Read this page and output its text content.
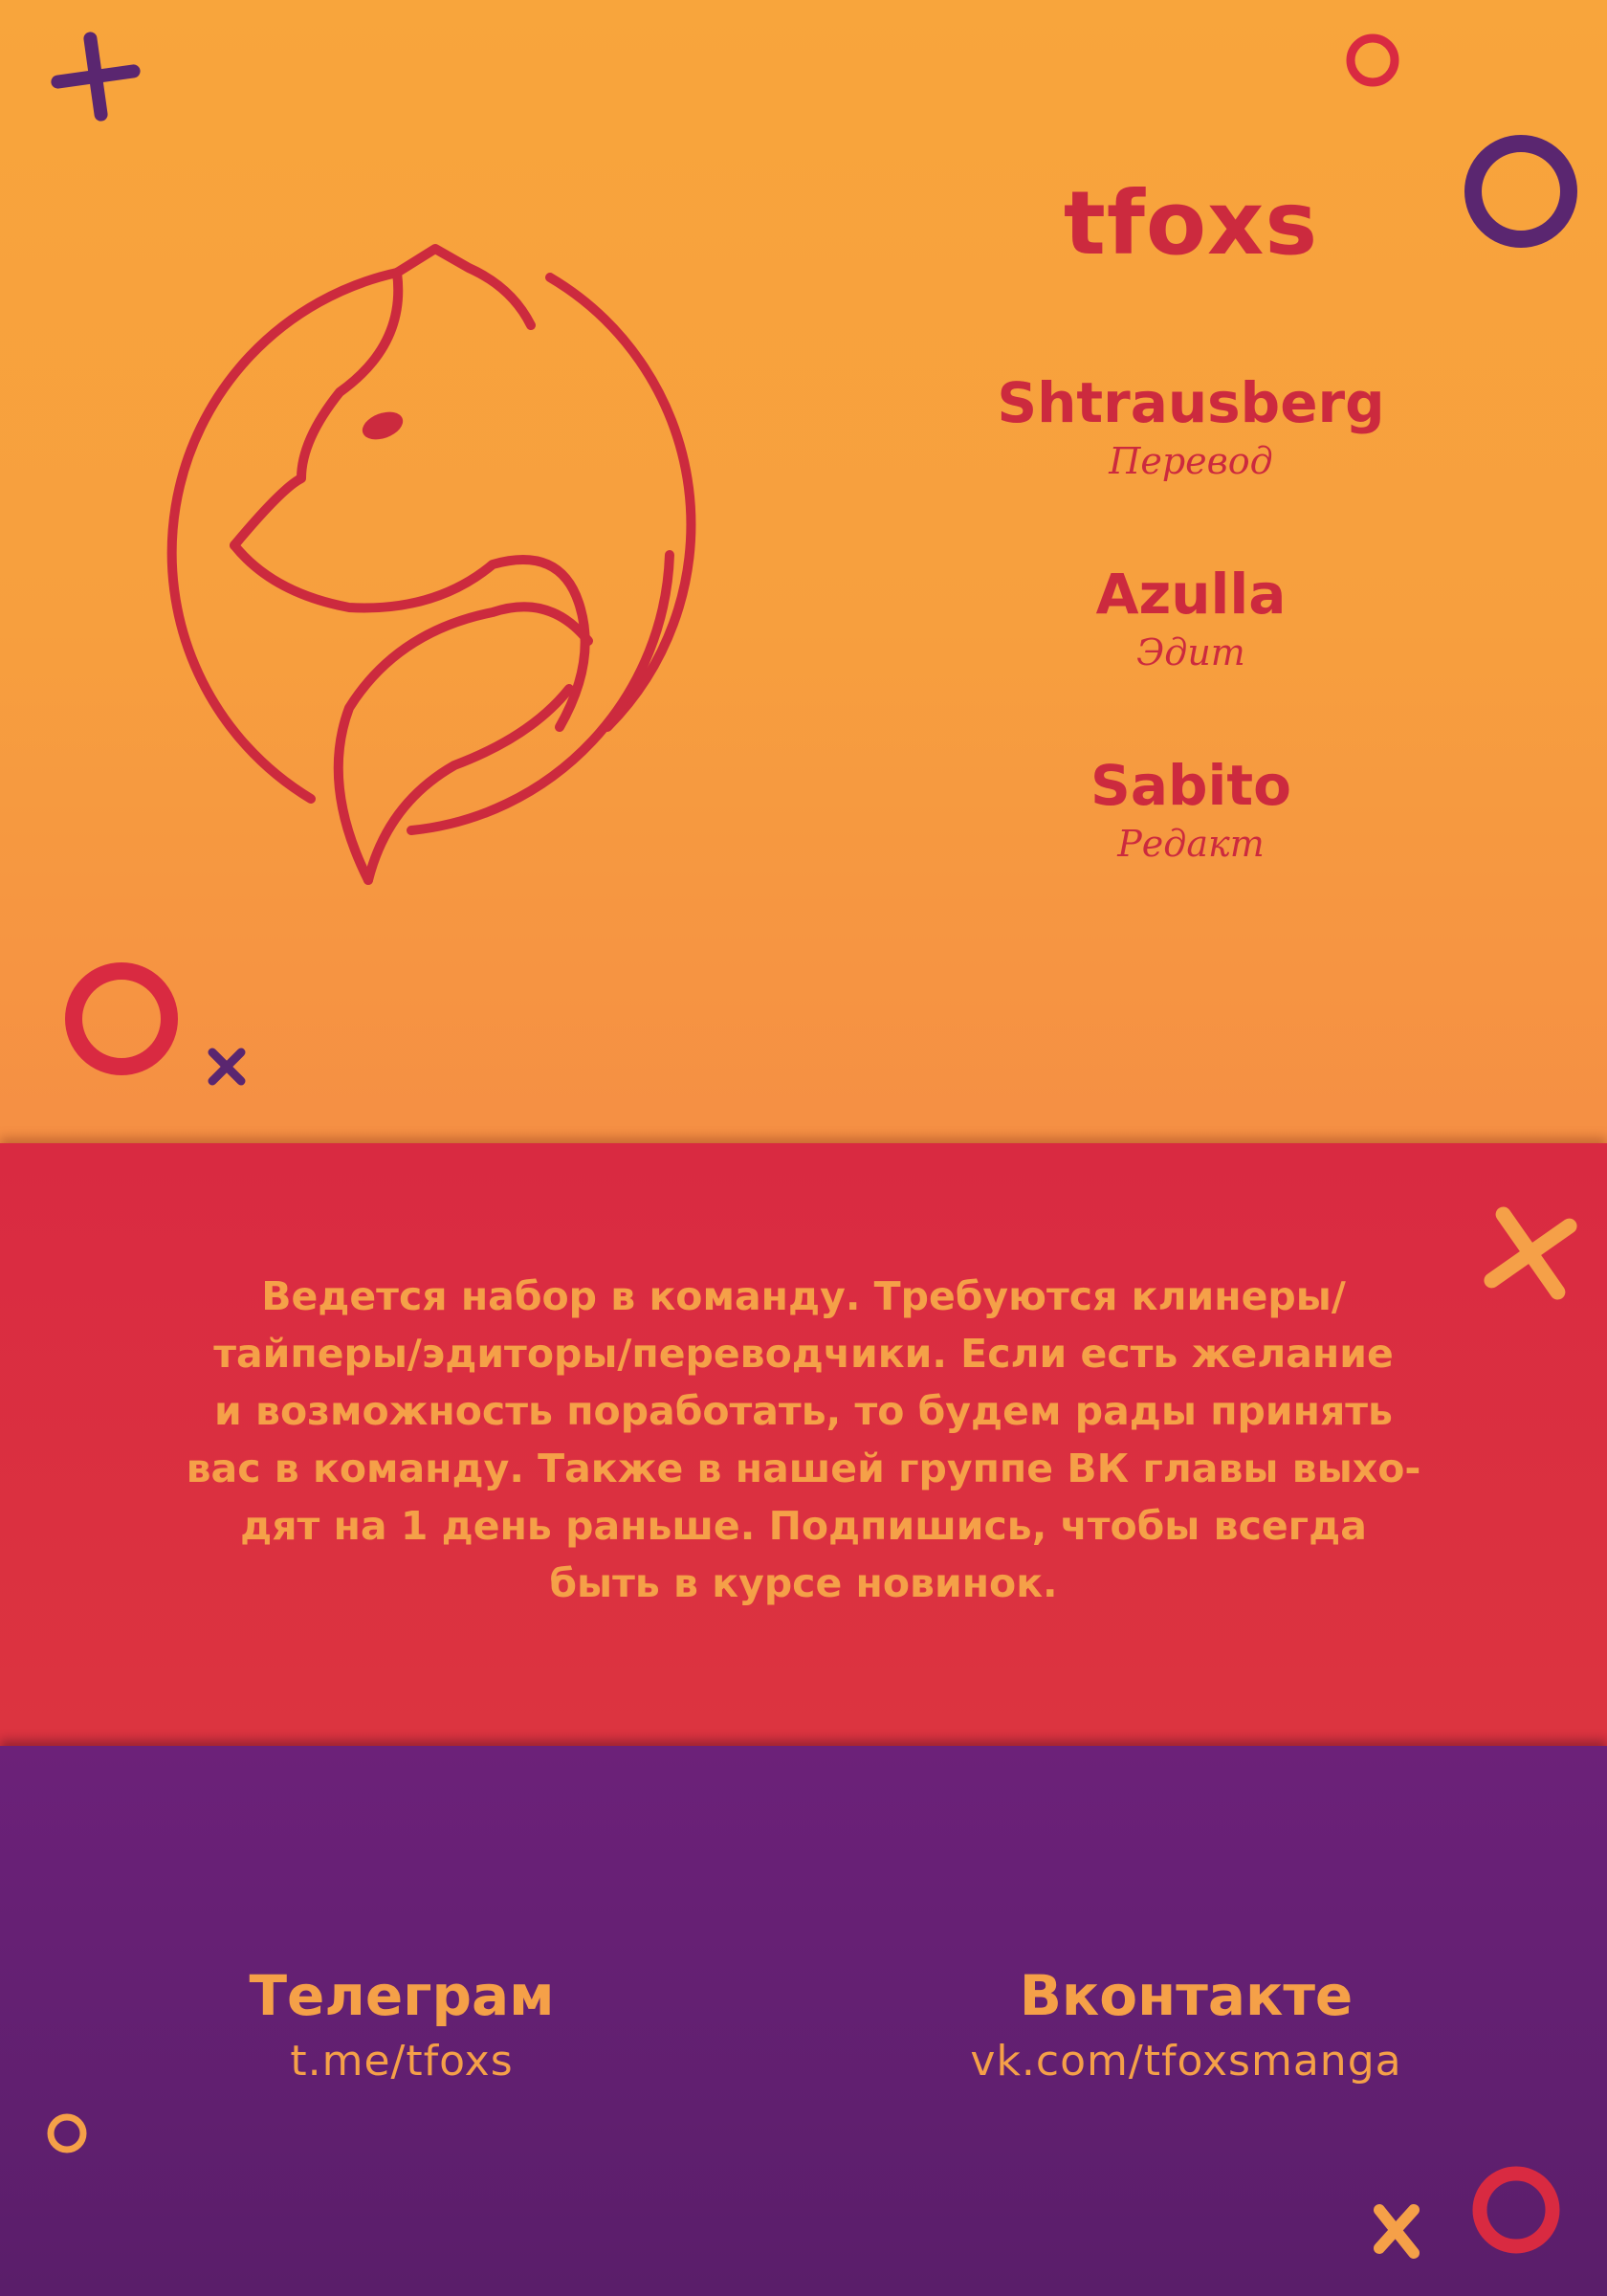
tfoxs
Shtrausberg
Перевод
Azulla
Эдит
Sabito
Редакт
Ведется набор в команду. Требуются клинеры/
тайперы/эдиторы/переводчики. Если есть желание
и возможность поработать, то будем рады принять
вас в команду. Также в нашей группе ВК главы выхо-
дят на 1 день раньше. Подпишись, чтобы всегда
быть в курсе новинок.
Телеграм
t.me/tfoxs
Вконтакте
vk.com/tfoxsmanga
